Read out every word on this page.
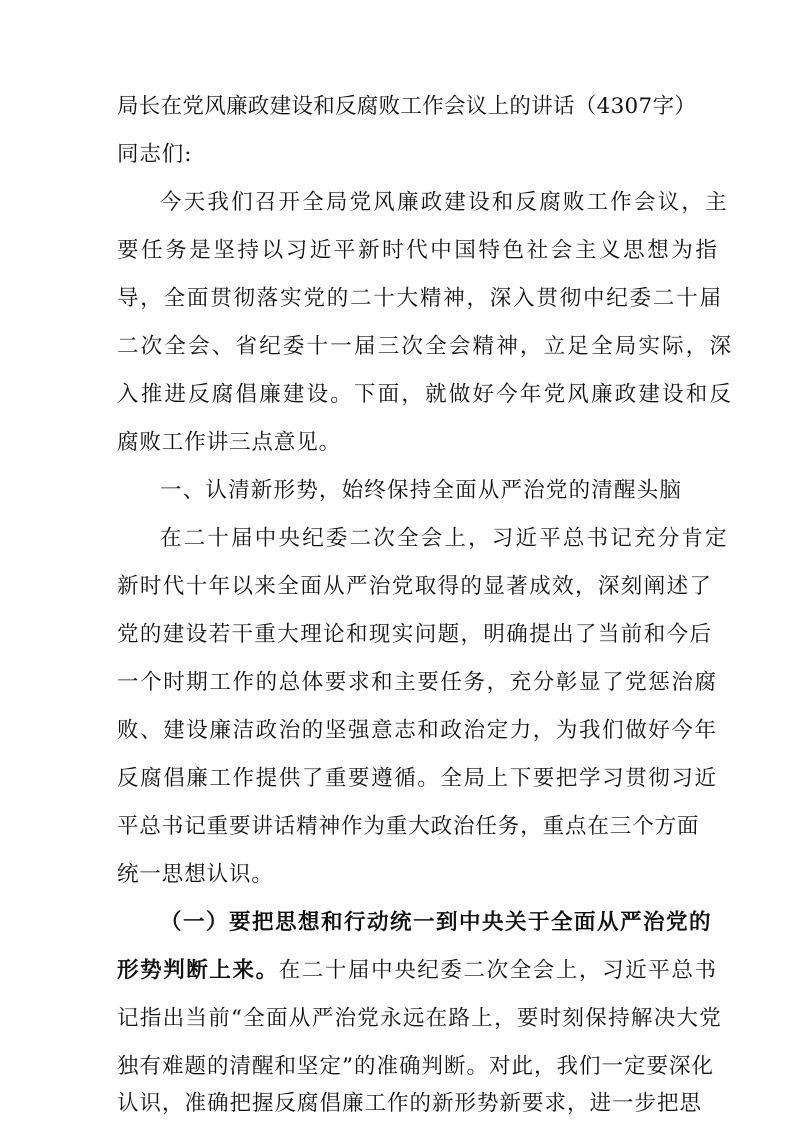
局长在党风廉政建设和反腐败工作会议上的讲话（4307字）
同志们:
今天我们召开全局党风廉政建设和反腐败工作会议，主
要任务是坚持以习近平新时代中国特色社会主义思想为指
导，全面贯彻落实党的二十大精神，深入贯彻中纪委二十届
二次全会、省纪委十一届三次全会精神，立足全局实际，深
入推进反腐倡廉建设。下面，就做好今年党风廉政建设和反
腐败工作讲三点意见。
一、认清新形势，始终保持全面从严治党的清醒头脑
在二十届中央纪委二次全会上，习近平总书记充分肯定
新时代十年以来全面从严治党取得的显著成效，深刻阐述了
党的建设若干重大理论和现实问题，明确提出了当前和今后
一个时期工作的总体要求和主要任务，充分彰显了党惩治腐
败、建设廉洁政治的坚强意志和政治定力，为我们做好今年
反腐倡廉工作提供了重要遵循。全局上下要把学习贯彻习近
平总书记重要讲话精神作为重大政治任务，重点在三个方面
统一思想认识。
（一）要把思想和行动统一到中央关于全面从严治党的
形势判断上来。在二十届中央纪委二次全会上，习近平总书
记指出当前“全面从严治党永远在路上，要时刻保持解决大党
独有难题的清醒和坚定”的准确判断。对此，我们一定要深化
认识，准确把握反腐倡廉工作的新形势新要求，进一步把思
